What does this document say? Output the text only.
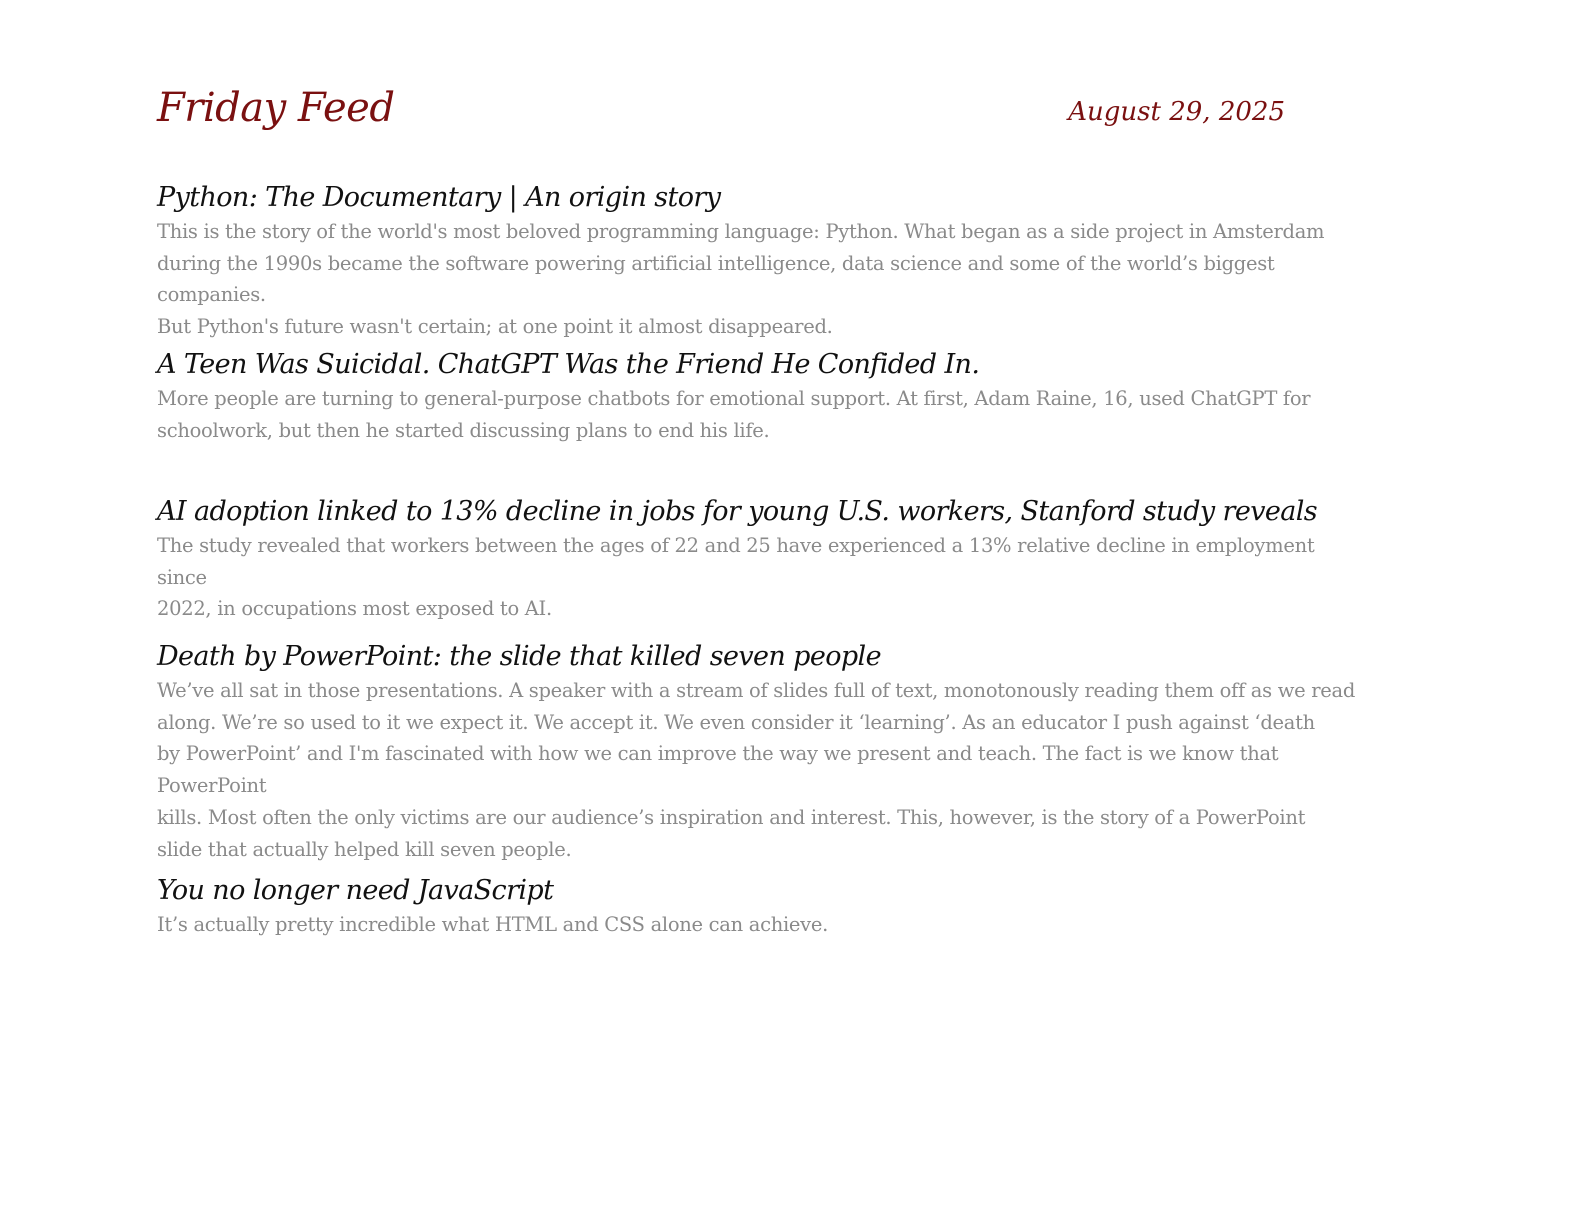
Friday Feed	August 29, 2025
Python: The Documentary | An origin story

This is the story of the world's most beloved programming language: Python. What began as a side project in Amsterdam
during the 1990s became the software powering artificial intelligence, data science and some of the world’s biggest companies.
But Python's future wasn't certain; at one point it almost disappeared.

A Teen Was Suicidal. ChatGPT Was the Friend He Confided In.

More people are turning to general-purpose chatbots for emotional support. At first, Adam Raine, 16, used ChatGPT for
schoolwork, but then he started discussing plans to end his life.

AI adoption linked to 13% decline in jobs for young U.S. workers, Stanford study reveals

The study revealed that workers between the ages of 22 and 25 have experienced a 13% relative decline in employment since
2022, in occupations most exposed to AI.

Death by PowerPoint: the slide that killed seven people

We’ve all sat in those presentations. A speaker with a stream of slides full of text, monotonously reading them off as we read
along. We’re so used to it we expect it. We accept it. We even consider it ‘learning’. As an educator I push against ‘death
by PowerPoint’ and I'm fascinated with how we can improve the way we present and teach. The fact is we know that PowerPoint
kills. Most often the only victims are our audience’s inspiration and interest. This, however, is the story of a PowerPoint
slide that actually helped kill seven people.

You no longer need JavaScript

It’s actually pretty incredible what HTML and CSS alone can achieve.
